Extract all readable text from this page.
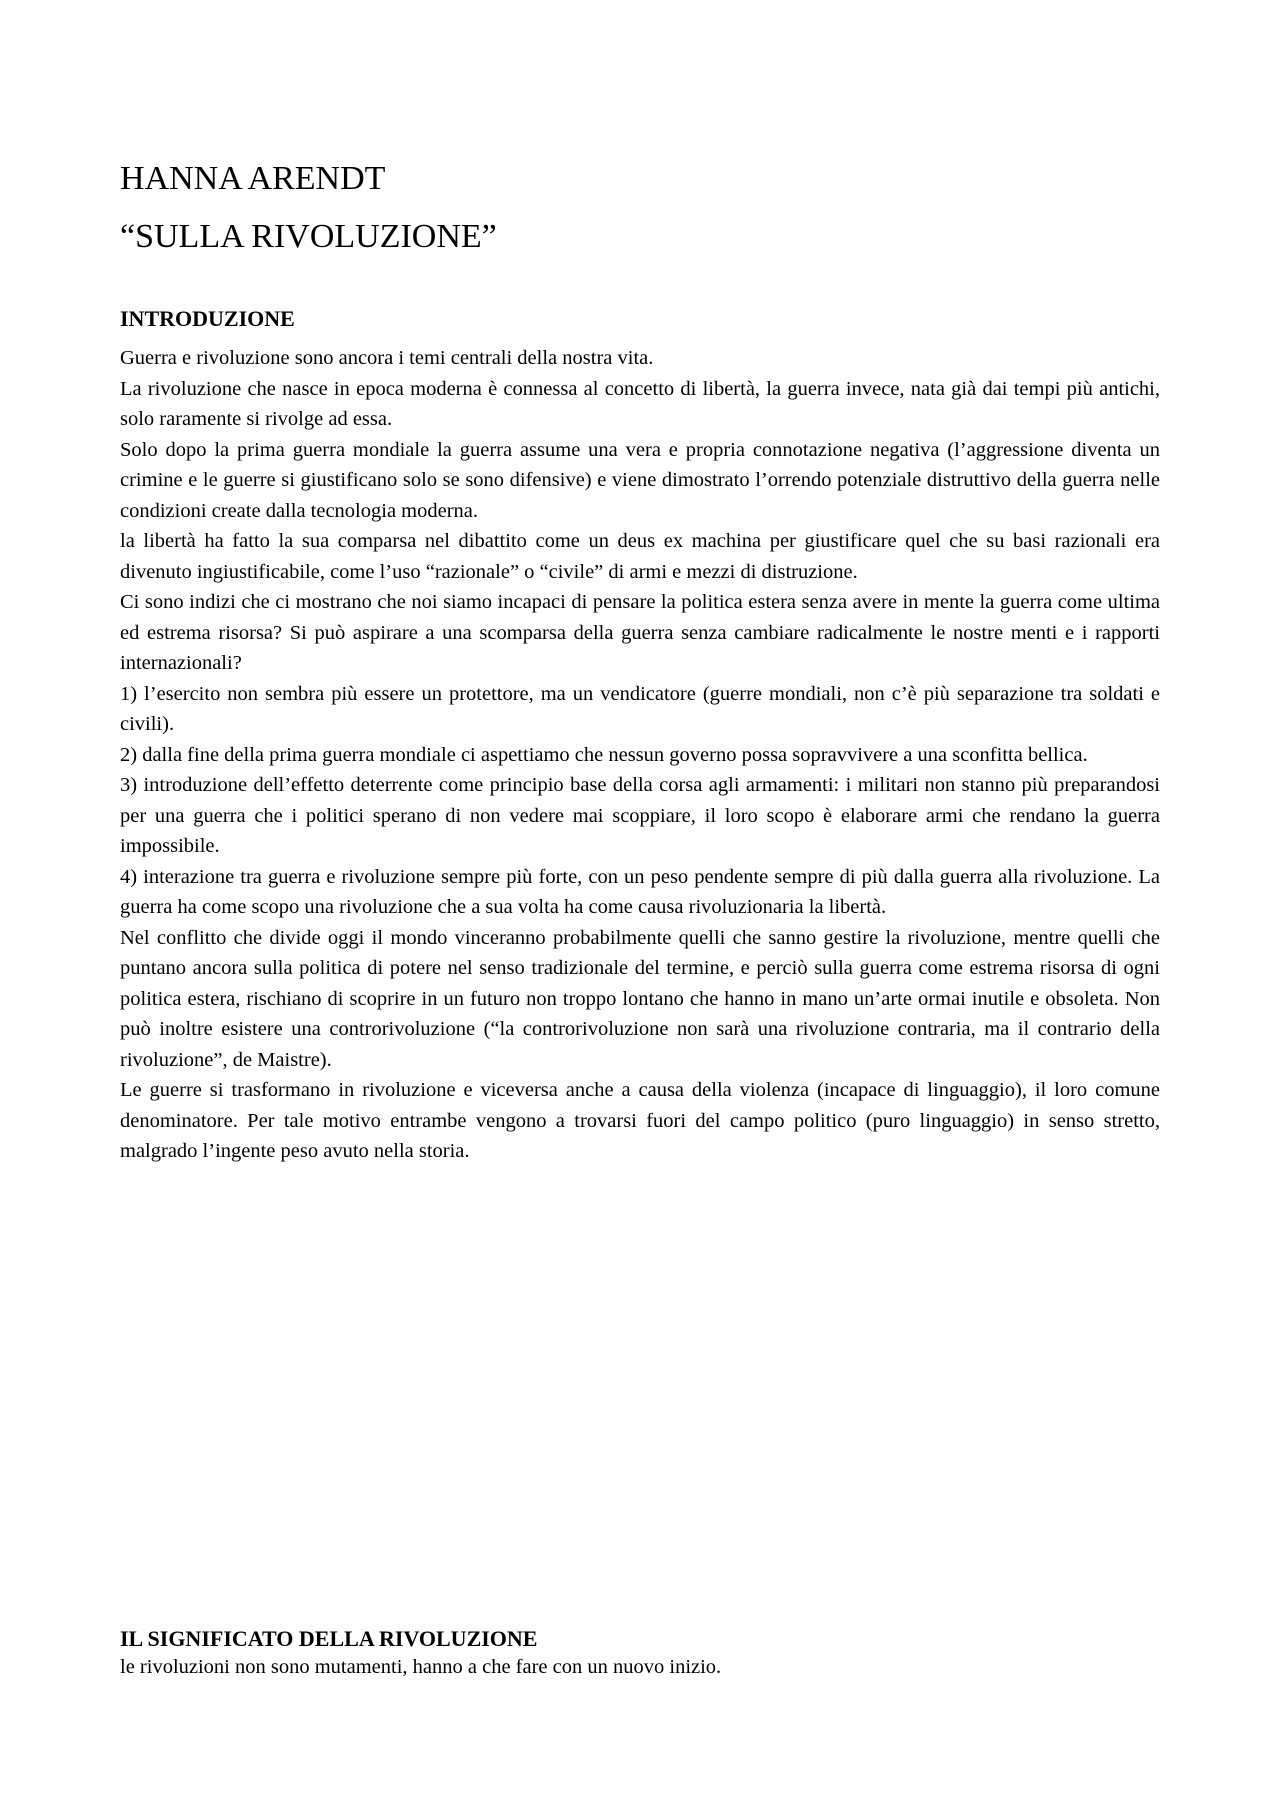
HANNA ARENDT
“SULLA RIVOLUZIONE”
INTRODUZIONE

Guerra e rivoluzione sono ancora i temi centrali della nostra vita.

La rivoluzione che nasce in epoca moderna è connessa al concetto di libertà, la guerra invece, nata già dai tempi più antichi, solo raramente si rivolge ad essa.

Solo dopo la prima guerra mondiale la guerra assume una vera e propria connotazione negativa (l’aggressione diventa un crimine e le guerre si giustificano solo se sono difensive) e viene dimostrato l’orrendo potenziale distruttivo della guerra nelle condizioni create dalla tecnologia moderna.

la libertà ha fatto la sua comparsa nel dibattito come un deus ex machina per giustificare quel che su basi razionali era divenuto ingiustificabile, come l’uso “razionale” o “civile” di armi e mezzi di distruzione.

Ci sono indizi che ci mostrano che noi siamo incapaci di pensare la politica estera senza avere in mente la guerra come ultima ed estrema risorsa? Si può aspirare a una scomparsa della guerra senza cambiare radicalmente le nostre menti e i rapporti internazionali?

1) l’esercito non sembra più essere un protettore, ma un vendicatore (guerre mondiali, non c’è più separazione tra soldati e civili).

2) dalla fine della prima guerra mondiale ci aspettiamo che nessun governo possa sopravvivere a una sconfitta bellica.

3) introduzione dell’effetto deterrente come principio base della corsa agli armamenti: i militari non stanno più preparandosi per una guerra che i politici sperano di non vedere mai scoppiare, il loro scopo è elaborare armi che rendano la guerra impossibile.

4) interazione tra guerra e rivoluzione sempre più forte, con un peso pendente sempre di più dalla guerra alla rivoluzione. La guerra ha come scopo una rivoluzione che a sua volta ha come causa rivoluzionaria la libertà.

Nel conflitto che divide oggi il mondo vinceranno probabilmente quelli che sanno gestire la rivoluzione, mentre quelli che puntano ancora sulla politica di potere nel senso tradizionale del termine, e perciò sulla guerra come estrema risorsa di ogni politica estera, rischiano di scoprire in un futuro non troppo lontano che hanno in mano un’arte ormai inutile e obsoleta. Non può inoltre esistere una controrivoluzione (“la controrivoluzione non sarà una rivoluzione contraria, ma il contrario della rivoluzione”, de Maistre).

Le guerre si trasformano in rivoluzione e viceversa anche a causa della violenza (incapace di linguaggio), il loro comune denominatore. Per tale motivo entrambe vengono a trovarsi fuori del campo politico (puro linguaggio) in senso stretto, malgrado l’ingente peso avuto nella storia.

IL SIGNIFICATO DELLA RIVOLUZIONE

le rivoluzioni non sono mutamenti, hanno a che fare con un nuovo inizio.
